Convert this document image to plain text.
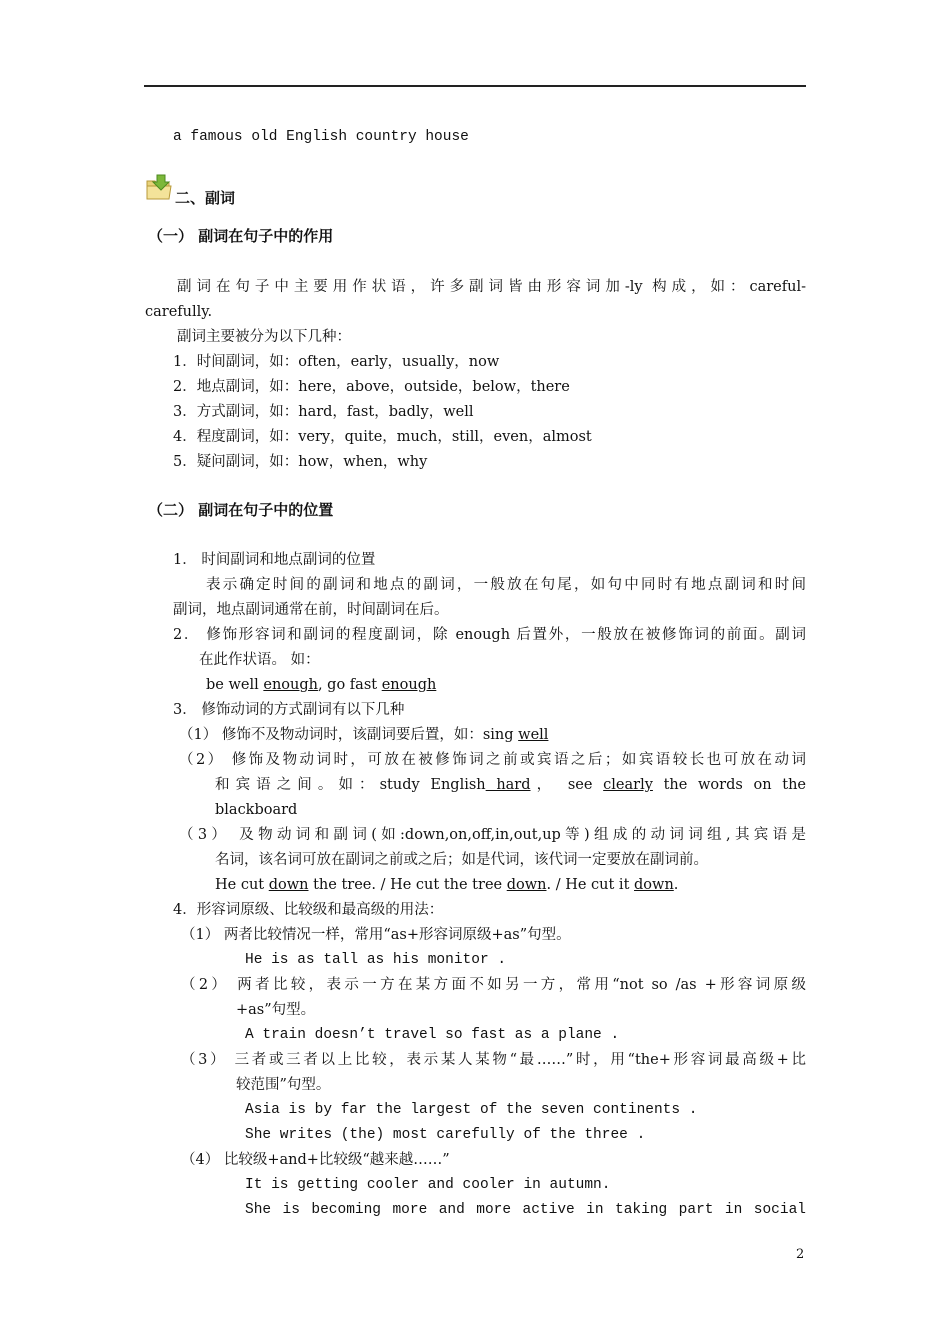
a famous old English country house
二、副词
（一） 副词在句子中的作用
副词在句子中主要用作状语，许多副词皆由形容词加-ly 构成，如：careful-
carefully.
副词主要被分为以下几种：
1．时间副词，如：often，early，usually，now
2．地点副词，如：here，above，outside，below，there
3．方式副词，如：hard，fast，badly，well
4．程度副词，如：very，quite，much，still，even，almost
5．疑问副词，如：how，when，why
（二） 副词在句子中的位置
1． 时间副词和地点副词的位置
表示确定时间的副词和地点的副词，一般放在句尾，如句中同时有地点副词和时间
副词，地点副词通常在前，时间副词在后。
2． 修饰形容词和副词的程度副词，除 enough 后置外，一般放在被修饰词的前面。副词
在此作状语。 如：
be well enough, go fast enough
3． 修饰动词的方式副词有以下几种
（1） 修饰不及物动词时，该副词要后置，如：sing well
（2） 修饰及物动词时，可放在被修饰词之前或宾语之后；如宾语较长也可放在动词
和宾语之间。如：study English hard， see clearly the words on the
blackboard
（3） 及物动词和副词(如:down,on,off,in,out,up等)组成的动词词组,其宾语是
名词，该名词可放在副词之前或之后；如是代词，该代词一定要放在副词前。
He cut down the tree. / He cut the tree down. / He cut it down.
4．形容词原级、比较级和最高级的用法：
（1） 两者比较情况一样，常用“as+形容词原级+as”句型。
He is as tall as his monitor .
（2） 两者比较，表示一方在某方面不如另一方，常用“not so /as +形容词原级
+as”句型。
A train doesn’t travel so fast as a plane .
（3） 三者或三者以上比较，表示某人某物“最……”时，用“the+形容词最高级+比
较范围”句型。
Asia is by far the largest of the seven continents .
She writes (the) most carefully of the three .
（4） 比较级+and+比较级“越来越……”
It is getting cooler and cooler in autumn.
She is becoming more and more active in taking part in social
2
